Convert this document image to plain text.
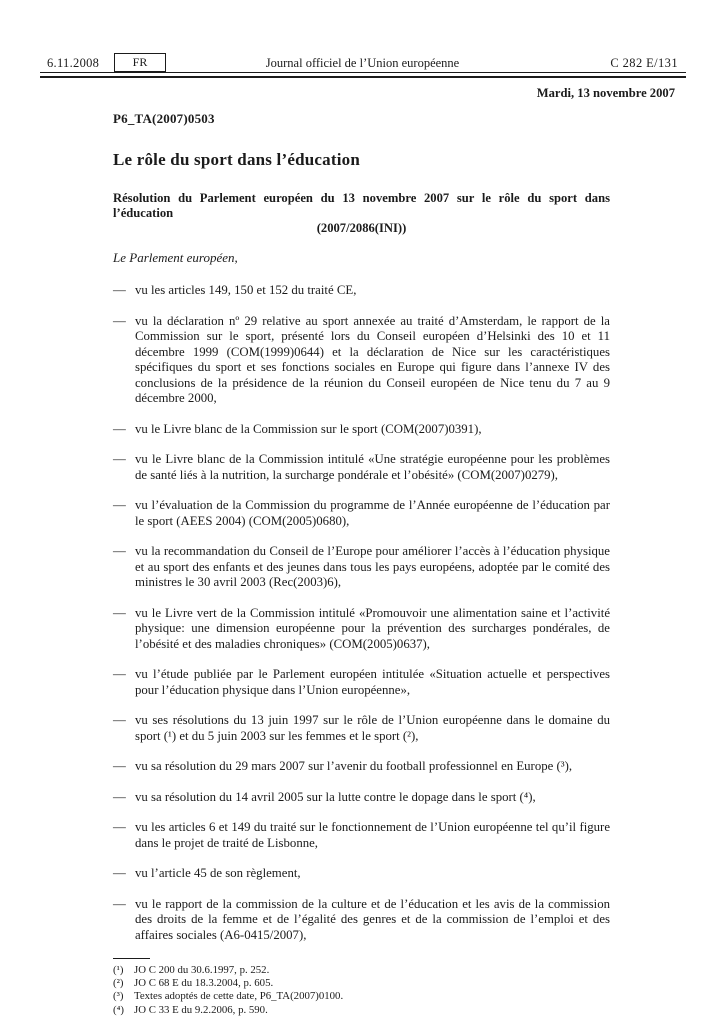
Journal officiel de l’Union européenne
6.11.2008	FR	C 282 E/131
Mardi, 13 novembre 2007
P6_TA(2007)0503
Le rôle du sport dans l’éducation
Résolution du Parlement européen du 13 novembre 2007 sur le rôle du sport dans l’éducation
(2007/2086(INI))
Le Parlement européen,
— vu les articles 149, 150 et 152 du traité CE,
— vu la déclaration nº 29 relative au sport annexée au traité d’Amsterdam, le rapport de la Commission sur le sport, présenté lors du Conseil européen d’Helsinki des 10 et 11 décembre 1999 (COM(1999)0644) et la déclaration de Nice sur les caractéristiques spécifiques du sport et ses fonctions sociales en Europe qui figure dans l’annexe IV des conclusions de la présidence de la réunion du Conseil européen de Nice tenu du 7 au 9 décembre 2000,
— vu le Livre blanc de la Commission sur le sport (COM(2007)0391),
— vu le Livre blanc de la Commission intitulé «Une stratégie européenne pour les problèmes de santé liés à la nutrition, la surcharge pondérale et l’obésité» (COM(2007)0279),
— vu l’évaluation de la Commission du programme de l’Année européenne de l’éducation par le sport (AEES 2004) (COM(2005)0680),
— vu la recommandation du Conseil de l’Europe pour améliorer l’accès à l’éducation physique et au sport des enfants et des jeunes dans tous les pays européens, adoptée par le comité des ministres le 30 avril 2003 (Rec(2003)6),
— vu le Livre vert de la Commission intitulé «Promouvoir une alimentation saine et l’activité physique: une dimension européenne pour la prévention des surcharges pondérales, de l’obésité et des maladies chroniques» (COM(2005)0637),
— vu l’étude publiée par le Parlement européen intitulée «Situation actuelle et perspectives pour l’éducation physique dans l’Union européenne»,
— vu ses résolutions du 13 juin 1997 sur le rôle de l’Union européenne dans le domaine du sport (¹) et du 5 juin 2003 sur les femmes et le sport (²),
— vu sa résolution du 29 mars 2007 sur l’avenir du football professionnel en Europe (³),
— vu sa résolution du 14 avril 2005 sur la lutte contre le dopage dans le sport (⁴),
— vu les articles 6 et 149 du traité sur le fonctionnement de l’Union européenne tel qu’il figure dans le projet de traité de Lisbonne,
— vu l’article 45 de son règlement,
— vu le rapport de la commission de la culture et de l’éducation et les avis de la commission des droits de la femme et de l’égalité des genres et de la commission de l’emploi et des affaires sociales (A6-0415/2007),
(¹) JO C 200 du 30.6.1997, p. 252.
(²) JO C 68 E du 18.3.2004, p. 605.
(³) Textes adoptés de cette date, P6_TA(2007)0100.
(⁴) JO C 33 E du 9.2.2006, p. 590.
